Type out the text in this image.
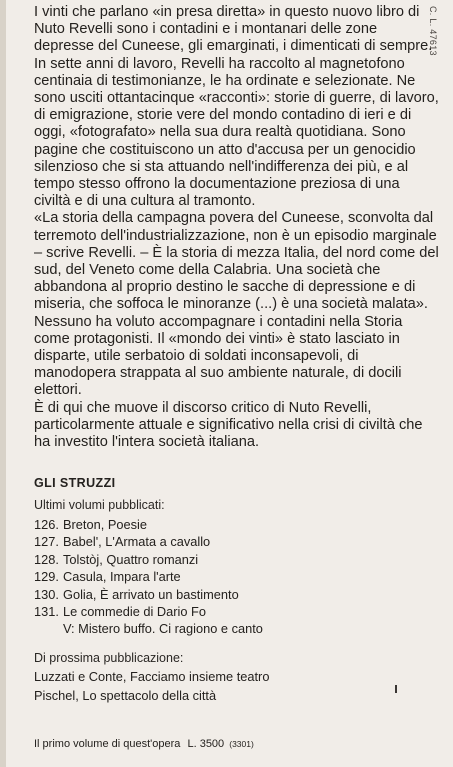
C. L. 47613

I vinti che parlano «in presa diretta» in questo nuovo libro di Nuto Revelli sono i contadini e i montanari delle zone depresse del Cuneese, gli emarginati, i dimenticati di sempre. In sette anni di lavoro, Revelli ha raccolto al magnetofono centinaia di testimonianze, le ha ordinate e selezionate. Ne sono usciti ottantacinque «racconti»: storie di guerre, di lavoro, di emigrazione, storie vere del mondo contadino di ieri e di oggi, «fotografato» nella sua dura realtà quotidiana. Sono pagine che costituiscono un atto d'accusa per un genocidio silenzioso che si sta attuando nell'indifferenza dei più, e al tempo stesso offrono la documentazione preziosa di una civiltà e di una cultura al tramonto.

«La storia della campagna povera del Cuneese, sconvolta dal terremoto dell'industrializzazione, non è un episodio marginale – scrive Revelli. – È la storia di mezza Italia, del nord come del sud, del Veneto come della Calabria. Una società che abbandona al proprio destino le sacche di depressione e di miseria, che soffoca le minoranze (...) è una società malata». Nessuno ha voluto accompagnare i contadini nella Storia come protagonisti. Il «mondo dei vinti» è stato lasciato in disparte, utile serbatoio di soldati inconsapevoli, di manodopera strappata al suo ambiente naturale, di docili elettori.

È di qui che muove il discorso critico di Nuto Revelli, particolarmente attuale e significativo nella crisi di civiltà che ha investito l'intera società italiana.

GLI STRUZZI
Ultimi volumi pubblicati:
126. Breton, Poesie
127. Babel', L'Armata a cavallo
128. Tolstòj, Quattro romanzi
129. Casula, Impara l'arte
130. Golia, È arrivato un bastimento
131. Le commedie di Dario Fo
V: Mistero buffo. Ci ragiono e canto
Di prossima pubblicazione:
Luzzati e Conte, Facciamo insieme teatro
Pischel, Lo spettacolo della città
Il primo volume di quest'opera L. 3500 (3301)
